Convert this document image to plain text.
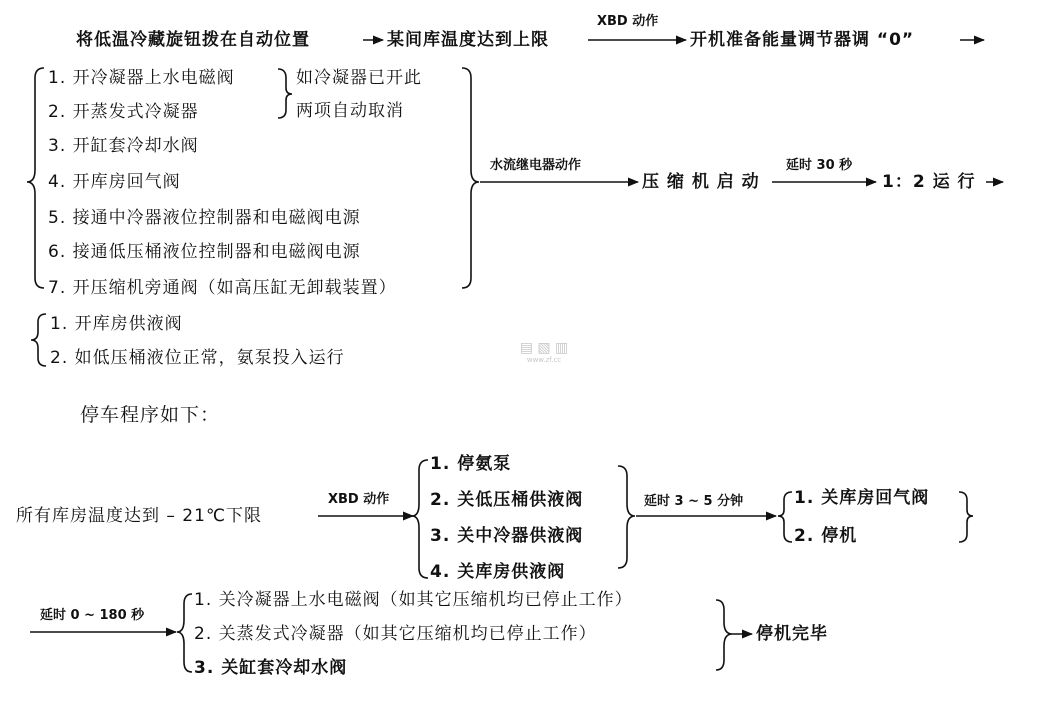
将低温冷藏旋钮拨在自动位置	某间库温度达到上限
XBD 动作
开机准备能量调节器调 “0”
1. 开冷凝器上水电磁阀
2. 开蒸发式冷凝器
3. 开缸套冷却水阀
4. 开库房回气阀
5. 接通中冷器液位控制器和电磁阀电源
6. 接通低压桶液位控制器和电磁阀电源
7. 开压缩机旁通阀（如高压缸无卸载装置）
如冷凝器已开此
两项自动取消
水流继电器动作
压 缩 机 启 动
延时 30 秒
1：2 运 行
1. 开库房供液阀
2. 如低压桶液位正常，氨泵投入运行	▤ ▧ ▥
www.zf.cc
停车程序如下：
所有库房温度达到 – 21℃下限
XBD 动作
1. 停氨泵
2. 关低压桶供液阀
3. 关中冷器供液阀
4. 关库房供液阀
延时 3 ~ 5 分钟	1. 关库房回气阀
2. 停机
延时 0 ~ 180 秒
1. 关冷凝器上水电磁阀（如其它压缩机均已停止工作）
2. 关蒸发式冷凝器（如其它压缩机均已停止工作）
3. 关缸套冷却水阀
停机完毕
